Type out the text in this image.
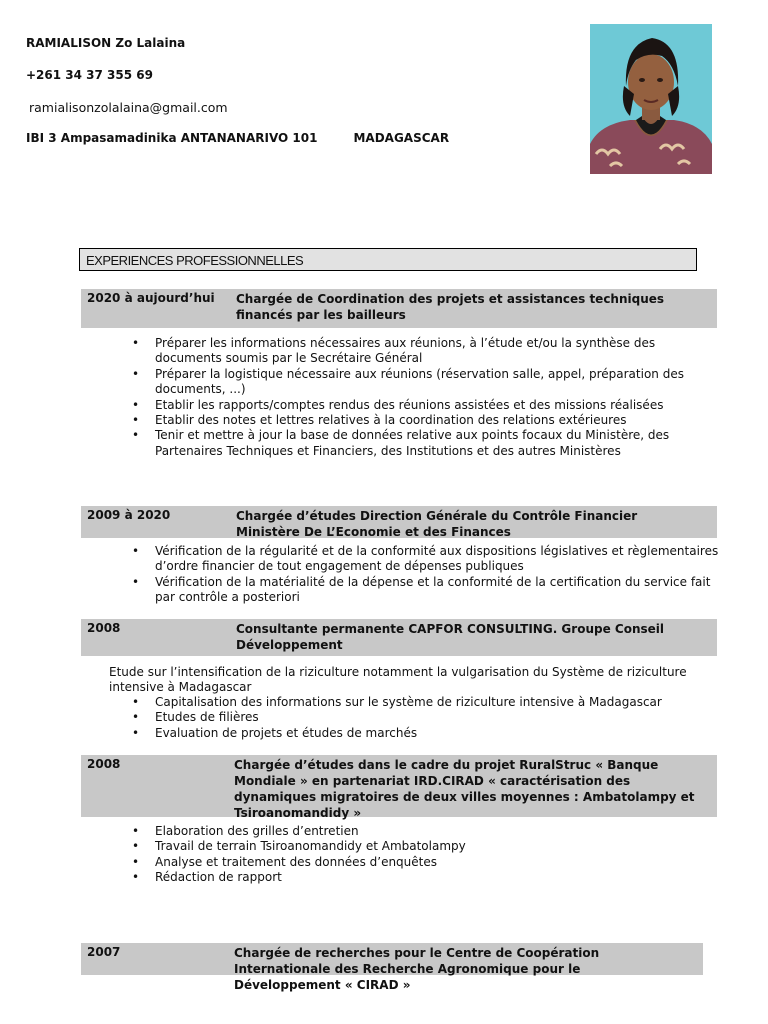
RAMIALISON Zo Lalaina
+261 34 37 355 69
ramialisonzolalaina@gmail.com
IBI 3 Ampasamadinika ANTANANARIVO 101	MADAGASCAR
EXPERIENCES PROFESSIONNELLES
2020 à aujourd’hui Chargée de Coordination des projets et assistances techniques financés par les bailleurs
• Préparer les informations nécessaires aux réunions, à l’étude et/ou la synthèse des documents soumis par le Secrétaire Général
• Préparer la logistique nécessaire aux réunions (réservation salle, appel, préparation des documents, ...)
• Etablir les rapports/comptes rendus des réunions assistées et des missions réalisées
• Etablir des notes et lettres relatives à la coordination des relations extérieures
• Tenir et mettre à jour la base de données relative aux points focaux du Ministère, des Partenaires Techniques et Financiers, des Institutions et des autres Ministères
2009 à 2020	Chargée d’études Direction Générale du Contrôle Financier Ministère De L’Economie et des Finances
• Vérification de la régularité et de la conformité aux dispositions législatives et règlementaires d’ordre financier de tout engagement de dépenses publiques
• Vérification de la matérialité de la dépense et la conformité de la certification du service fait par contrôle a posteriori
2008	Consultante permanente CAPFOR CONSULTING. Groupe Conseil Développement
Etude sur l’intensification de la riziculture notamment la vulgarisation du Système de riziculture intensive à Madagascar
• Capitalisation des informations sur le système de riziculture intensive à Madagascar
• Etudes de filières
• Evaluation de projets et études de marchés
2008	Chargée d’études dans le cadre du projet RuralStruc « Banque Mondiale » en partenariat IRD.CIRAD « caractérisation des dynamiques migratoires de deux villes moyennes : Ambatolampy et Tsiroanomandidy »
• Elaboration des grilles d’entretien
• Travail de terrain Tsiroanomandidy et Ambatolampy
• Analyse et traitement des données d’enquêtes
• Rédaction de rapport
2007	Chargée de recherches pour le Centre de Coopération Internationale des Recherche Agronomique pour le Développement « CIRAD »
